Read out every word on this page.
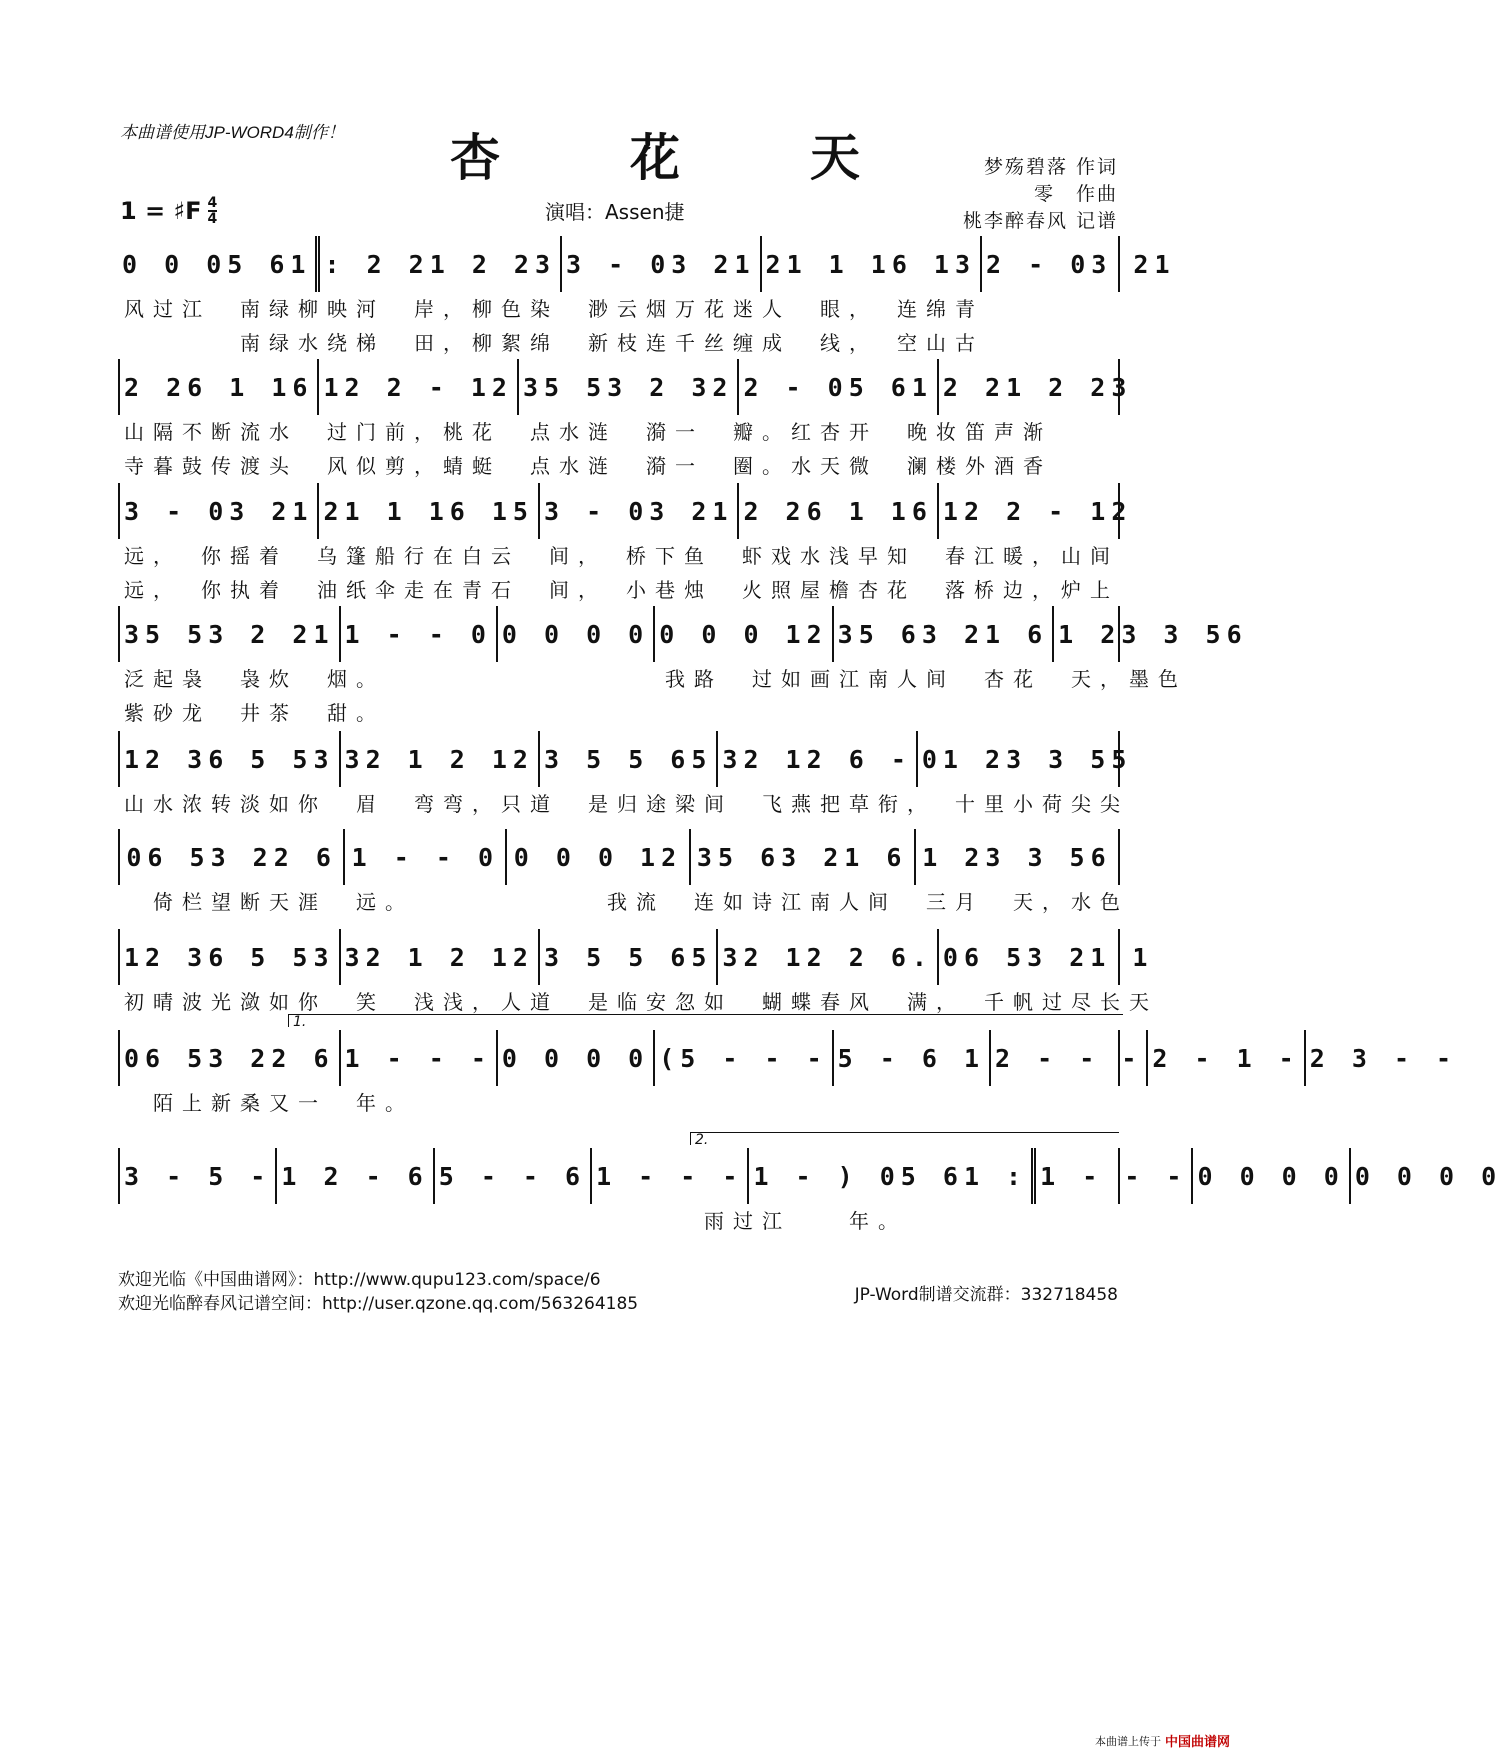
本曲谱使用JP-WORD4制作！ 杏　花　天	梦殇碧落 作词
零　作曲
桃李醉春风 记谱
1 = ♯F $\frac{4}{4}$	演唱：Assen捷
0 0 05 61 : 2 21 2 23 3 - 03 21 21 1 16 13 2 - 03 21
风过江　南绿柳映河　岸，柳色染　渺云烟万花迷人　眼，　连绵青
　　　　南绿水绕梯　田，柳絮绵　新枝连千丝缠成　线，　空山古
2 26 1 16 12 2 - 12 35 53 2 32 2 - 05 61 2 21 2 23
山隔不断流水　过门前，桃花　点水涟　漪一　瓣。红杏开　晚妆笛声渐
寺暮鼓传渡头　风似剪，蜻蜓　点水涟　漪一　圈。水天微　澜楼外酒香
3 - 03 21 21 1 16 15 3 - 03 21 2 26 1 16 12 2 - 12
远，　你摇着　乌篷船行在白云　间，　桥下鱼　虾戏水浅早知　春江暖，山间
远，　你执着　油纸伞走在青石　间，　小巷烛　火照屋檐杏花　落桥边，炉上
35 53 2 21 1 - - 0 0 0 0 0 0 0 0 12 35 63 21 6 1 23 3 56
泛起袅　袅炊　烟。　　　　　　　　　　我路　过如画江南人间　杏花　天，墨色
紫砂龙　井茶　甜。
12 36 5 53 32 1 2 12 3 5 5 65 32 12 6 - 01 23 3 55
山水浓转淡如你　眉　弯弯，只道　是归途梁间　飞燕把草衔，　十里小荷尖尖
06 53 22 6 1 - - 0 0 0 0 12 35 63 21 6 1 23 3 56
　倚栏望断天涯　远。　　　　　　　我流　连如诗江南人间　三月　天，水色
12 36 5 53 32 1 2 12 3 5 5 65 32 12 2 6. 06 53 21 1
初晴波光潋如你　笑　浅浅，人道　是临安忽如　蝴蝶春风　满，　千帆过尽长天
1.
06 53 22 6 1 - - - 0 0 0 0 (5 - - - 5 - 6 1 2 - - - 2 - 1 - 2 3 - -
　陌上新桑又一　年。
2.
3 - 5 - 1 2 - 6 5 - - 6 1 - - - 1 - ) 05 61 : 1 - - - 0 0 0 0 0 0 0 0
　　　　　　　　　　　　　　　　　　　　雨过江　　年。
欢迎光临《中国曲谱网》：http://www.qupu123.com/space/6
欢迎光临醉春风记谱空间：http://user.qzone.qq.com/563264185	JP-Word制谱交流群：332718458
本曲谱上传于 中国曲谱网
